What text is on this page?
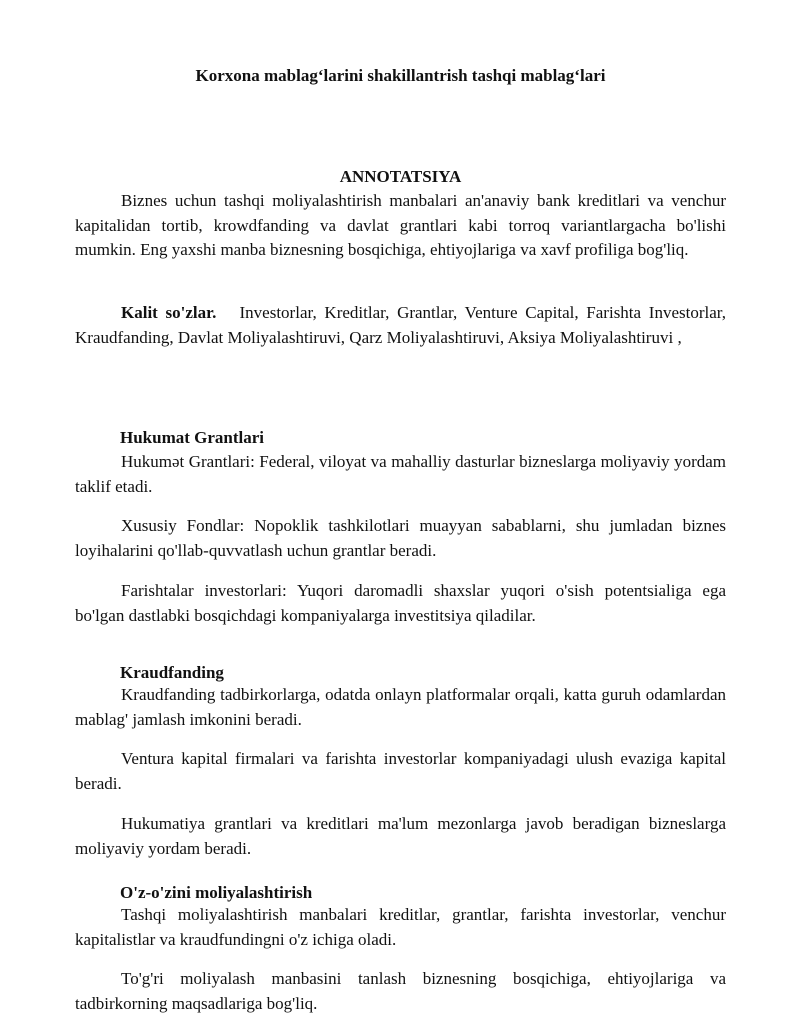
Korxona mablag‘larini shakillantrish tashqi mablag‘lari
ANNOTATSIYA

Biznes uchun tashqi moliyalashtirish manbalari an'anaviy bank kreditlari va venchur kapitalidan tortib, krowdfanding va davlat grantlari kabi torroq variantlargacha bo'lishi mumkin. Eng yaxshi manba biznesning bosqichiga, ehtiyojlariga va xavf profiliga bog'liq.

Kalit so'zlar. Investorlar, Kreditlar, Grantlar, Venture Capital, Farishta Investorlar, Kraudfanding, Davlat Moliyalashtiruvi, Qarz Moliyalashtiruvi, Aksiya Moliyalashtiruvi ,

Hukumat Grantlari

Hukumət Grantlari: Federal, viloyat va mahalliy dasturlar bizneslarga moliyaviy yordam taklif etadi.

Xususiy Fondlar: Nopoklik tashkilotlari muayyan sabablarni, shu jumladan biznes loyihalarini qo'llab-quvvatlash uchun grantlar beradi.

Farishtalar investorlari: Yuqori daromadli shaxslar yuqori o'sish potentsialiga ega bo'lgan dastlabki bosqichdagi kompaniyalarga investitsiya qiladilar.

Kraudfanding

Kraudfanding tadbirkorlarga, odatda onlayn platformalar orqali, katta guruh odamlardan mablag' jamlash imkonini beradi.

Ventura kapital firmalari va farishta investorlar kompaniyadagi ulush evaziga kapital beradi.

Hukumatiya grantlari va kreditlari ma'lum mezonlarga javob beradigan bizneslarga moliyaviy yordam beradi.

O'z-o'zini moliyalashtirish

Tashqi moliyalashtirish manbalari kreditlar, grantlar, farishta investorlar, venchur kapitalistlar va kraudfundingni o'z ichiga oladi.

To'g'ri moliyalash manbasini tanlash biznesning bosqichiga, ehtiyojlariga va tadbirkorning maqsadlariga bog'liq.
